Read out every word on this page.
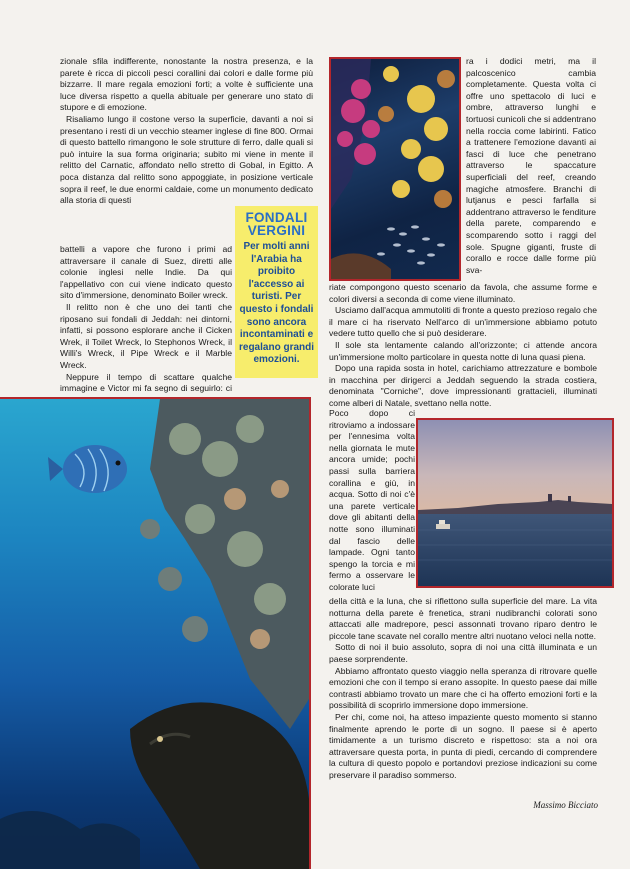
zionale sfila indifferente, nonostante la nostra presenza, e la parete è ricca di piccoli pesci corallini dai colori e dalle forme più bizzarre. Il mare regala emozioni forti; a volte è sufficiente una luce diversa rispetto a quella abituale per generare uno stato di stupore e di emozione.

Risaliamo lungo il costone verso la superficie, davanti a noi si presentano i resti di un vecchio steamer inglese di fine 800. Ormai di questo battello rimangono le sole strutture di ferro, dalle quali si può intuire la sua forma originaria; subito mi viene in mente il relitto del Carnatic, affondato nello stretto di Gobal, in Egitto. A poca distanza dal relitto sono appoggiate, in posizione verticale sopra il reef, le due enormi caldaie, come un monumento dedicato alla storia di questi

battelli a vapore che furono i primi ad attraversare il canale di Suez, diretti alle colonie inglesi nelle Indie. Da qui l'appellativo con cui viene indicato questo sito d'immersione, denominato Boiler wreck.

Il relitto non è che uno dei tanti che riposano sui fondali di Jeddah: nei dintorni, infatti, si possono esplorare anche il Cicken Wrek, il Toilet Wreck, lo Stephonos Wreck, il Willi's Wreck, il Pipe Wreck e il Marble Wreck.

Neppure il tempo di scattare qualche immagine e Victor mi fa segno di seguirlo: ci

FONDALI
VERGINI

Per molti anni l'Arabia ha proibito l'accesso ai turisti. Per questo i fondali sono ancora incontaminati e regalano grandi emozioni.

ra i dodici metri, ma il palcoscenico cambia completamente. Questa volta ci offre uno spettacolo di luci e ombre, attraverso lunghi e tortuosi cunicoli che si addentrano nella roccia come labirinti. Fatico a trattenere l'emozione davanti ai fasci di luce che penetrano attraverso le spaccature superficiali del reef, creando magiche atmosfere. Branchi di lutjanus e pesci farfalla si addentrano attraverso le fenditure della parete, comparendo e scomparendo sotto i raggi del sole. Spugne giganti, fruste di corallo e rocce dalle forme più sva-

riate compongono questo scenario da favola, che assume forme e colori diversi a seconda di come viene illuminato.

Usciamo dall'acqua ammutoliti di fronte a questo prezioso regalo che il mare ci ha riservato Nell'arco di un'immersione abbiamo potuto vedere tutto quello che si può desiderare.

Il sole sta lentamente calando all'orizzonte; ci attende ancora un'immersione molto particolare in questa notte di luna quasi piena.

Dopo una rapida sosta in hotel, carichiamo attrezzature e bombole in macchina per dirigerci a Jeddah seguendo la strada costiera, denominata "Corniche", dove impressionanti grattacieli, illuminati come alberi di Natale, svettano nella notte.

Poco dopo ci ritroviamo a indossare per l'ennesima volta nella giornata le mute ancora umide; pochi passi sulla barriera corallina e giù, in acqua. Sotto di noi c'è una parete verticale dove gli abitanti della notte sono illuminati dal fascio delle lampade. Ogni tanto spengo la torcia e mi fermo a osservare le colorate luci

della città e la luna, che si riflettono sulla superficie del mare. La vita notturna della parete è frenetica, strani nudibranchi colorati sono attaccati alle madrepore, pesci assonnati trovano riparo dentro le piccole tane scavate nel corallo mentre altri nuotano veloci nella notte.

Sotto di noi il buio assoluto, sopra di noi una città illuminata e un paese sorprendente.

Abbiamo affrontato questo viaggio nella speranza di ritrovare quelle emozioni che con il tempo si erano assopite. In questo paese dai mille contrasti abbiamo trovato un mare che ci ha offerto emozioni forti e la possibilità di scoprirlo immersione dopo immersione.

Per chi, come noi, ha atteso impaziente questo momento si stanno finalmente aprendo le porte di un sogno. Il paese si è aperto timidamente a un turismo discreto e rispettoso: sta a noi ora attraversare questa porta, in punta di piedi, cercando di comprendere la cultura di questo popolo e portandovi preziose indicazioni su come preservare il paradiso sommerso.

Massimo Bicciato
